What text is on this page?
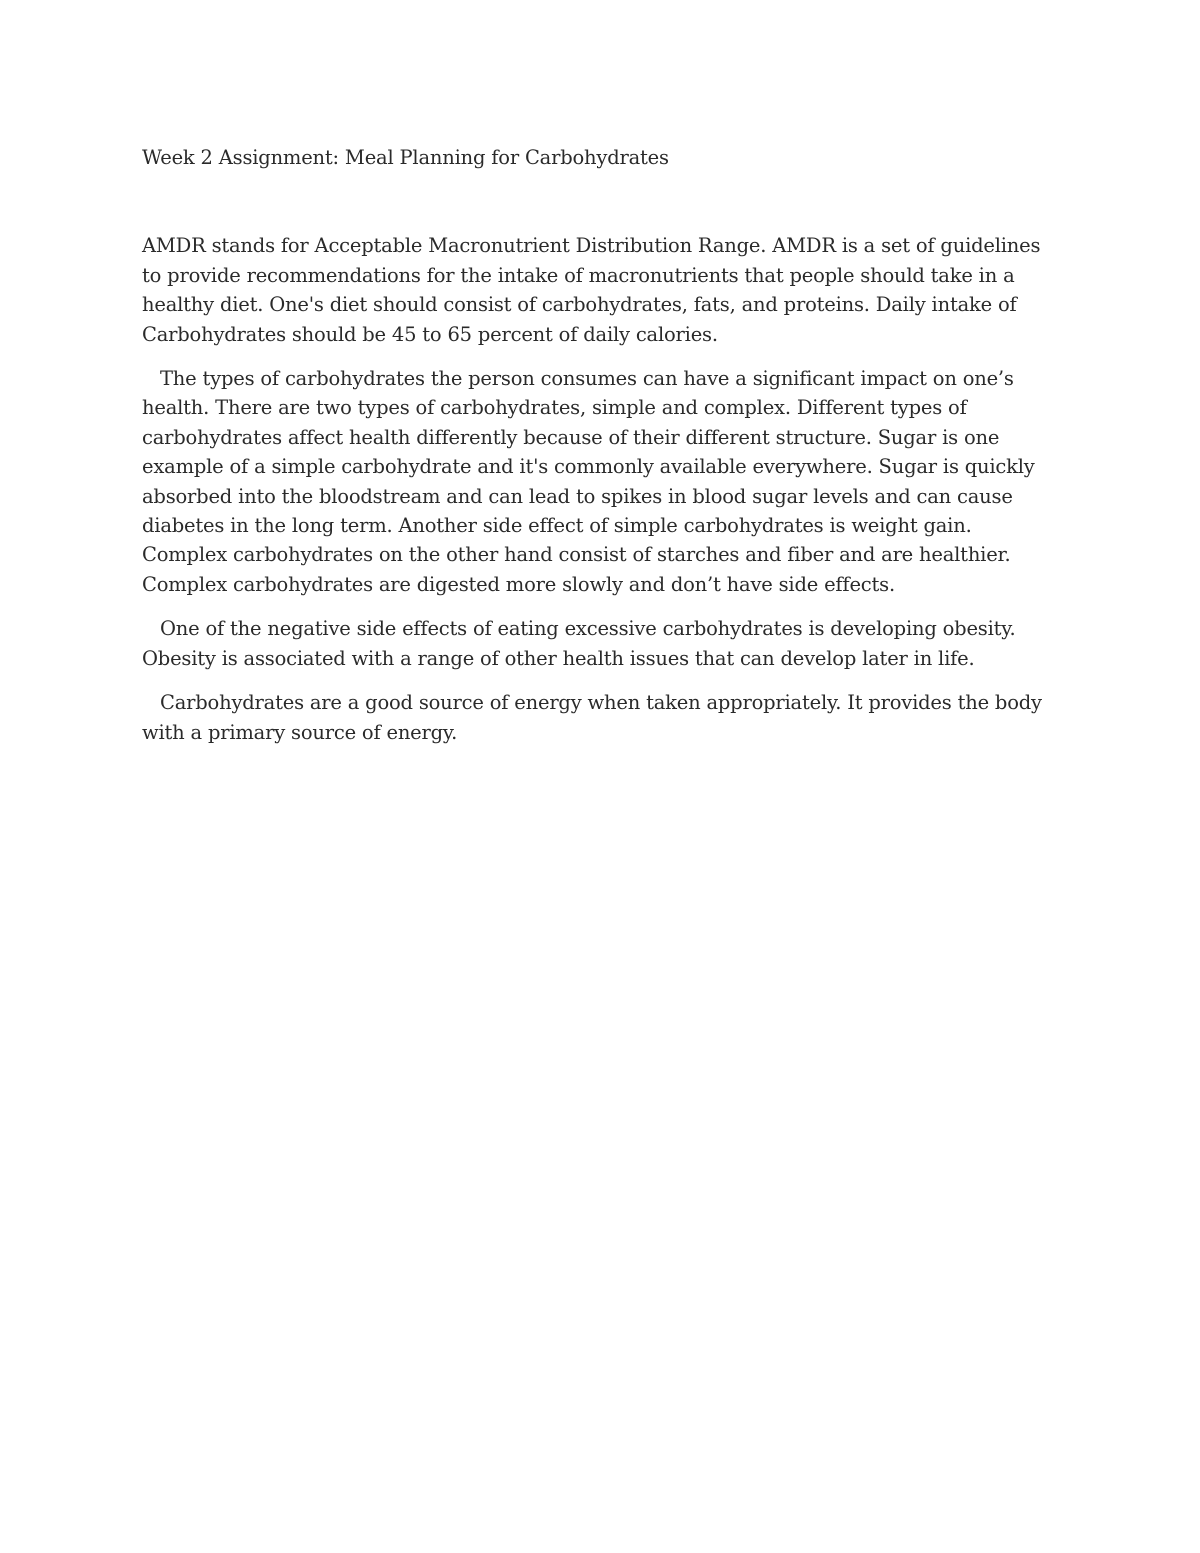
Week 2 Assignment: Meal Planning for Carbohydrates

AMDR stands for Acceptable Macronutrient Distribution Range. AMDR is a set of guidelines to provide recommendations for the intake of macronutrients that people should take in a healthy diet. One's diet should consist of carbohydrates, fats, and proteins. Daily intake of Carbohydrates should be 45 to 65 percent of daily calories.

The types of carbohydrates the person consumes can have a significant impact on one’s health. There are two types of carbohydrates, simple and complex. Different types of carbohydrates affect health differently because of their different structure. Sugar is one example of a simple carbohydrate and it's commonly available everywhere. Sugar is quickly absorbed into the bloodstream and can lead to spikes in blood sugar levels and can cause diabetes in the long term. Another side effect of simple carbohydrates is weight gain. Complex carbohydrates on the other hand consist of starches and fiber and are healthier. Complex carbohydrates are digested more slowly and don’t have side effects.

One of the negative side effects of eating excessive carbohydrates is developing obesity. Obesity is associated with a range of other health issues that can develop later in life.

Carbohydrates are a good source of energy when taken appropriately. It provides the body with a primary source of energy.
